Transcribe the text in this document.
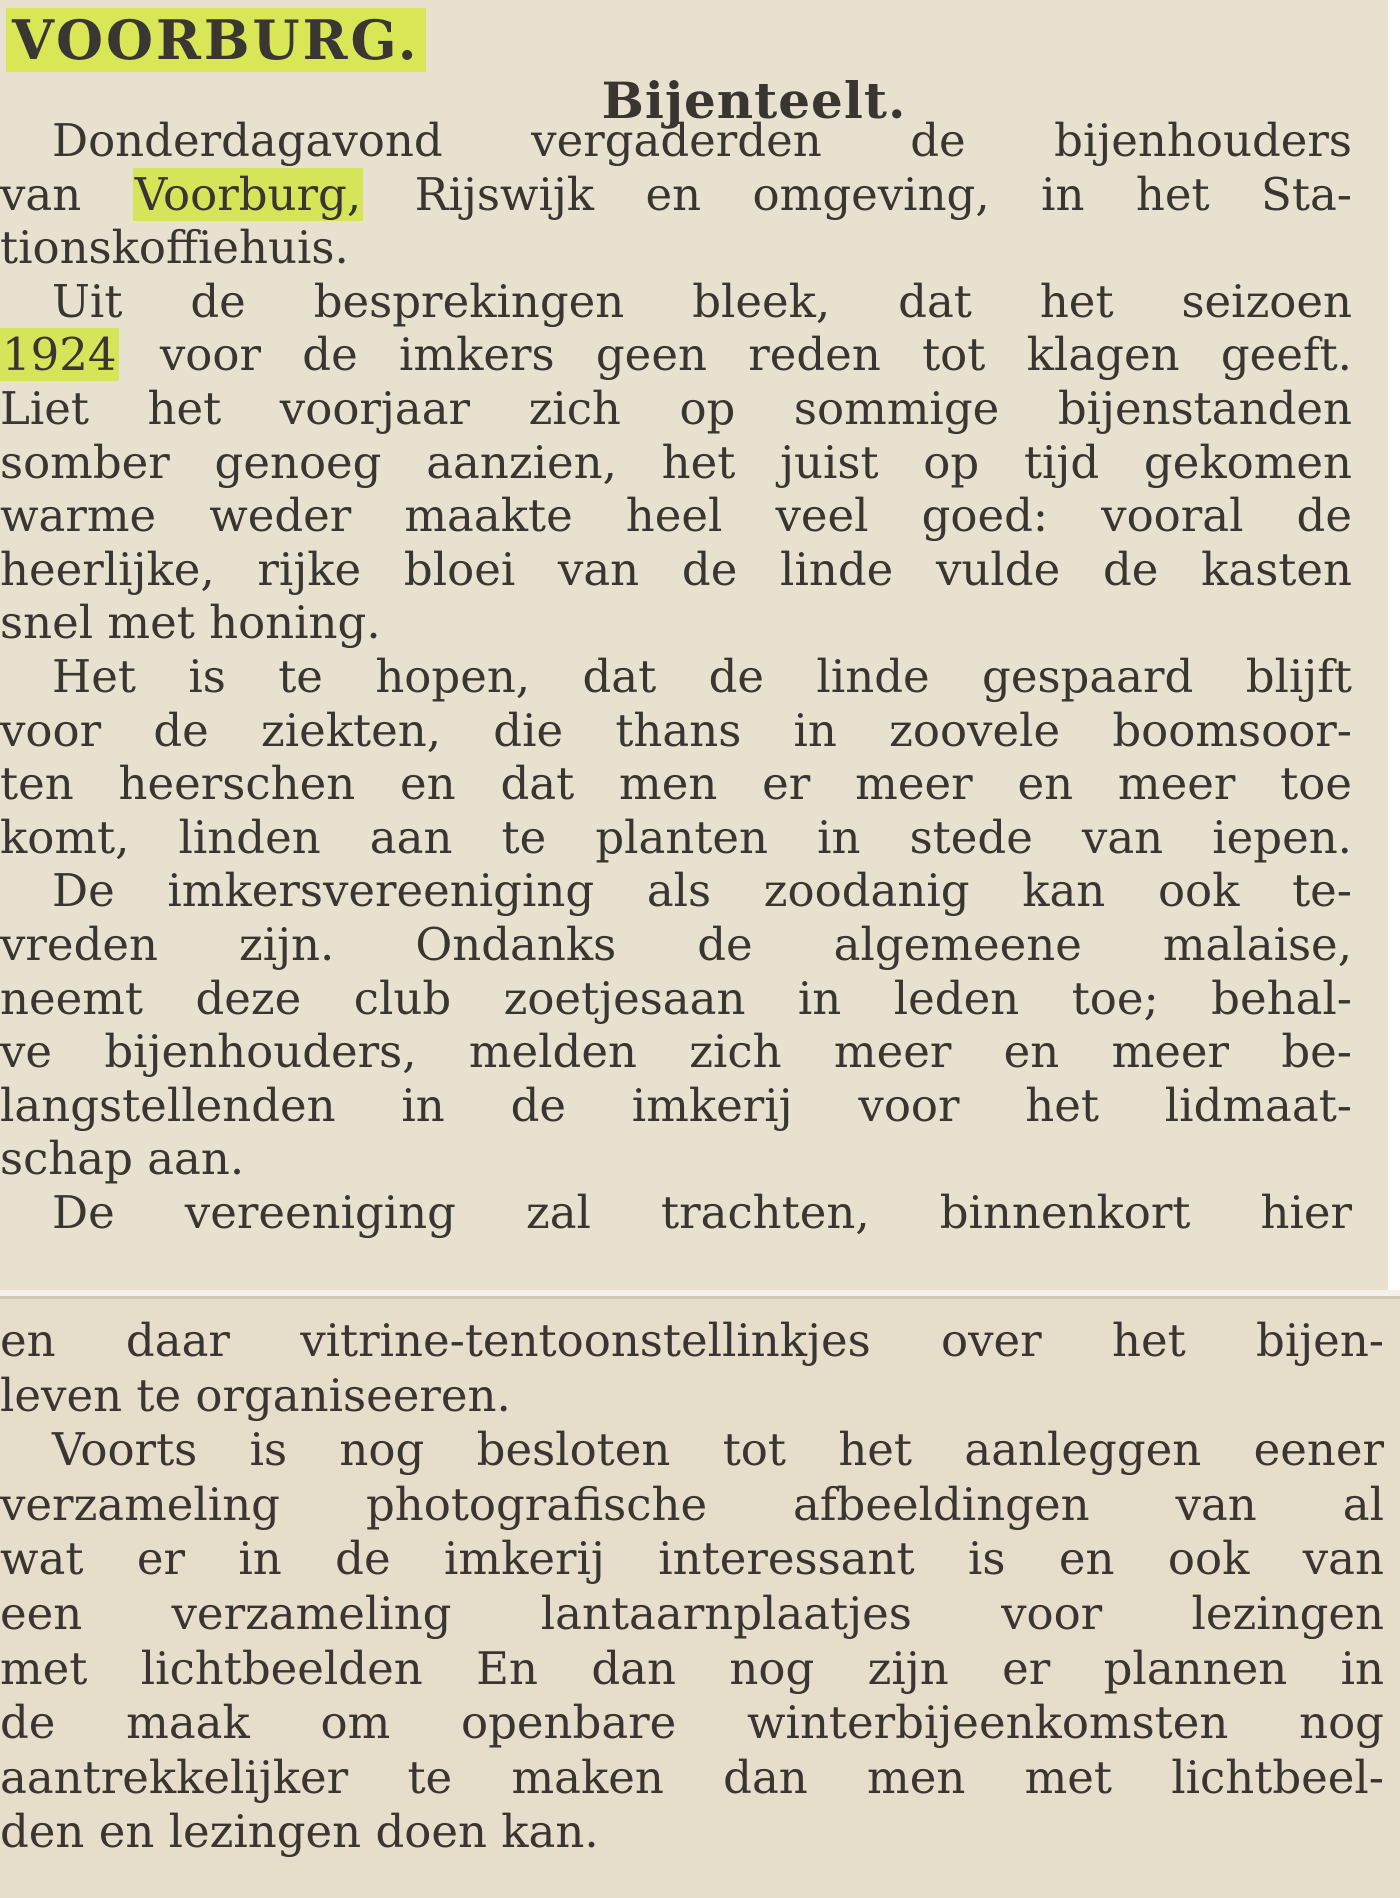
VOORBURG.
Bijenteelt.
Donderdagavond vergaderden de bijenhouders
van Voorburg, Rijswijk en omgeving, in het Sta-
tionskoffiehuis.
Uit de besprekingen bleek, dat het seizoen
1924 voor de imkers geen reden tot klagen geeft.
Liet het voorjaar zich op sommige bijenstanden
somber genoeg aanzien, het juist op tijd gekomen
warme weder maakte heel veel goed: vooral de
heerlijke, rijke bloei van de linde vulde de kasten
snel met honing.
Het is te hopen, dat de linde gespaard blijft
voor de ziekten, die thans in zoovele boomsoor-
ten heerschen en dat men er meer en meer toe
komt, linden aan te planten in stede van iepen.
De imkersvereeniging als zoodanig kan ook te-
vreden zijn. Ondanks de algemeene malaise,
neemt deze club zoetjesaan in leden toe; behal-
ve bijenhouders, melden zich meer en meer be-
langstellenden in de imkerij voor het lidmaat-
schap aan.
De vereeniging zal trachten, binnenkort hier
en daar vitrine-tentoonstellinkjes over het bijen-
leven te organiseeren.
Voorts is nog besloten tot het aanleggen eener
verzameling photografische afbeeldingen van al
wat er in de imkerij interessant is en ook van
een verzameling lantaarnplaatjes voor lezingen
met lichtbeelden En dan nog zijn er plannen in
de maak om openbare winterbijeenkomsten nog
aantrekkelijker te maken dan men met lichtbeel-
den en lezingen doen kan.
